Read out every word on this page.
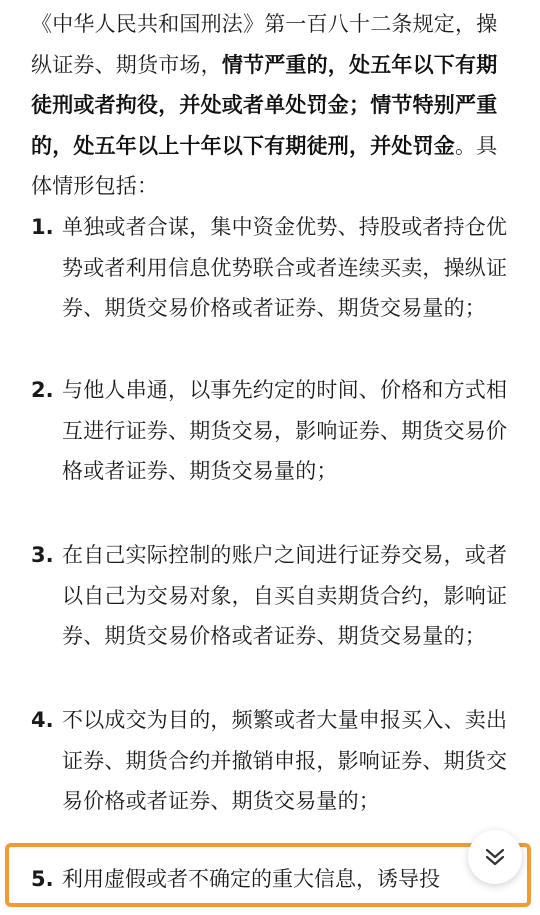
《中华人民共和国刑法》第一百八十二条规定，操纵证券、期货市场，情节严重的，处五年以下有期徒刑或者拘役，并处或者单处罚金；情节特别严重的，处五年以上十年以下有期徒刑，并处罚金。具体情形包括：
1. 单独或者合谋，集中资金优势、持股或者持仓优势或者利用信息优势联合或者连续买卖，操纵证券、期货交易价格或者证券、期货交易量的；
2. 与他人串通，以事先约定的时间、价格和方式相互进行证券、期货交易，影响证券、期货交易价格或者证券、期货交易量的；
3. 在自己实际控制的账户之间进行证券交易，或者以自己为交易对象，自买自卖期货合约，影响证券、期货交易价格或者证券、期货交易量的；
4. 不以成交为目的，频繁或者大量申报买入、卖出证券、期货合约并撤销申报，影响证券、期货交易价格或者证券、期货交易量的；
5. 利用虚假或者不确定的重大信息，诱导投
